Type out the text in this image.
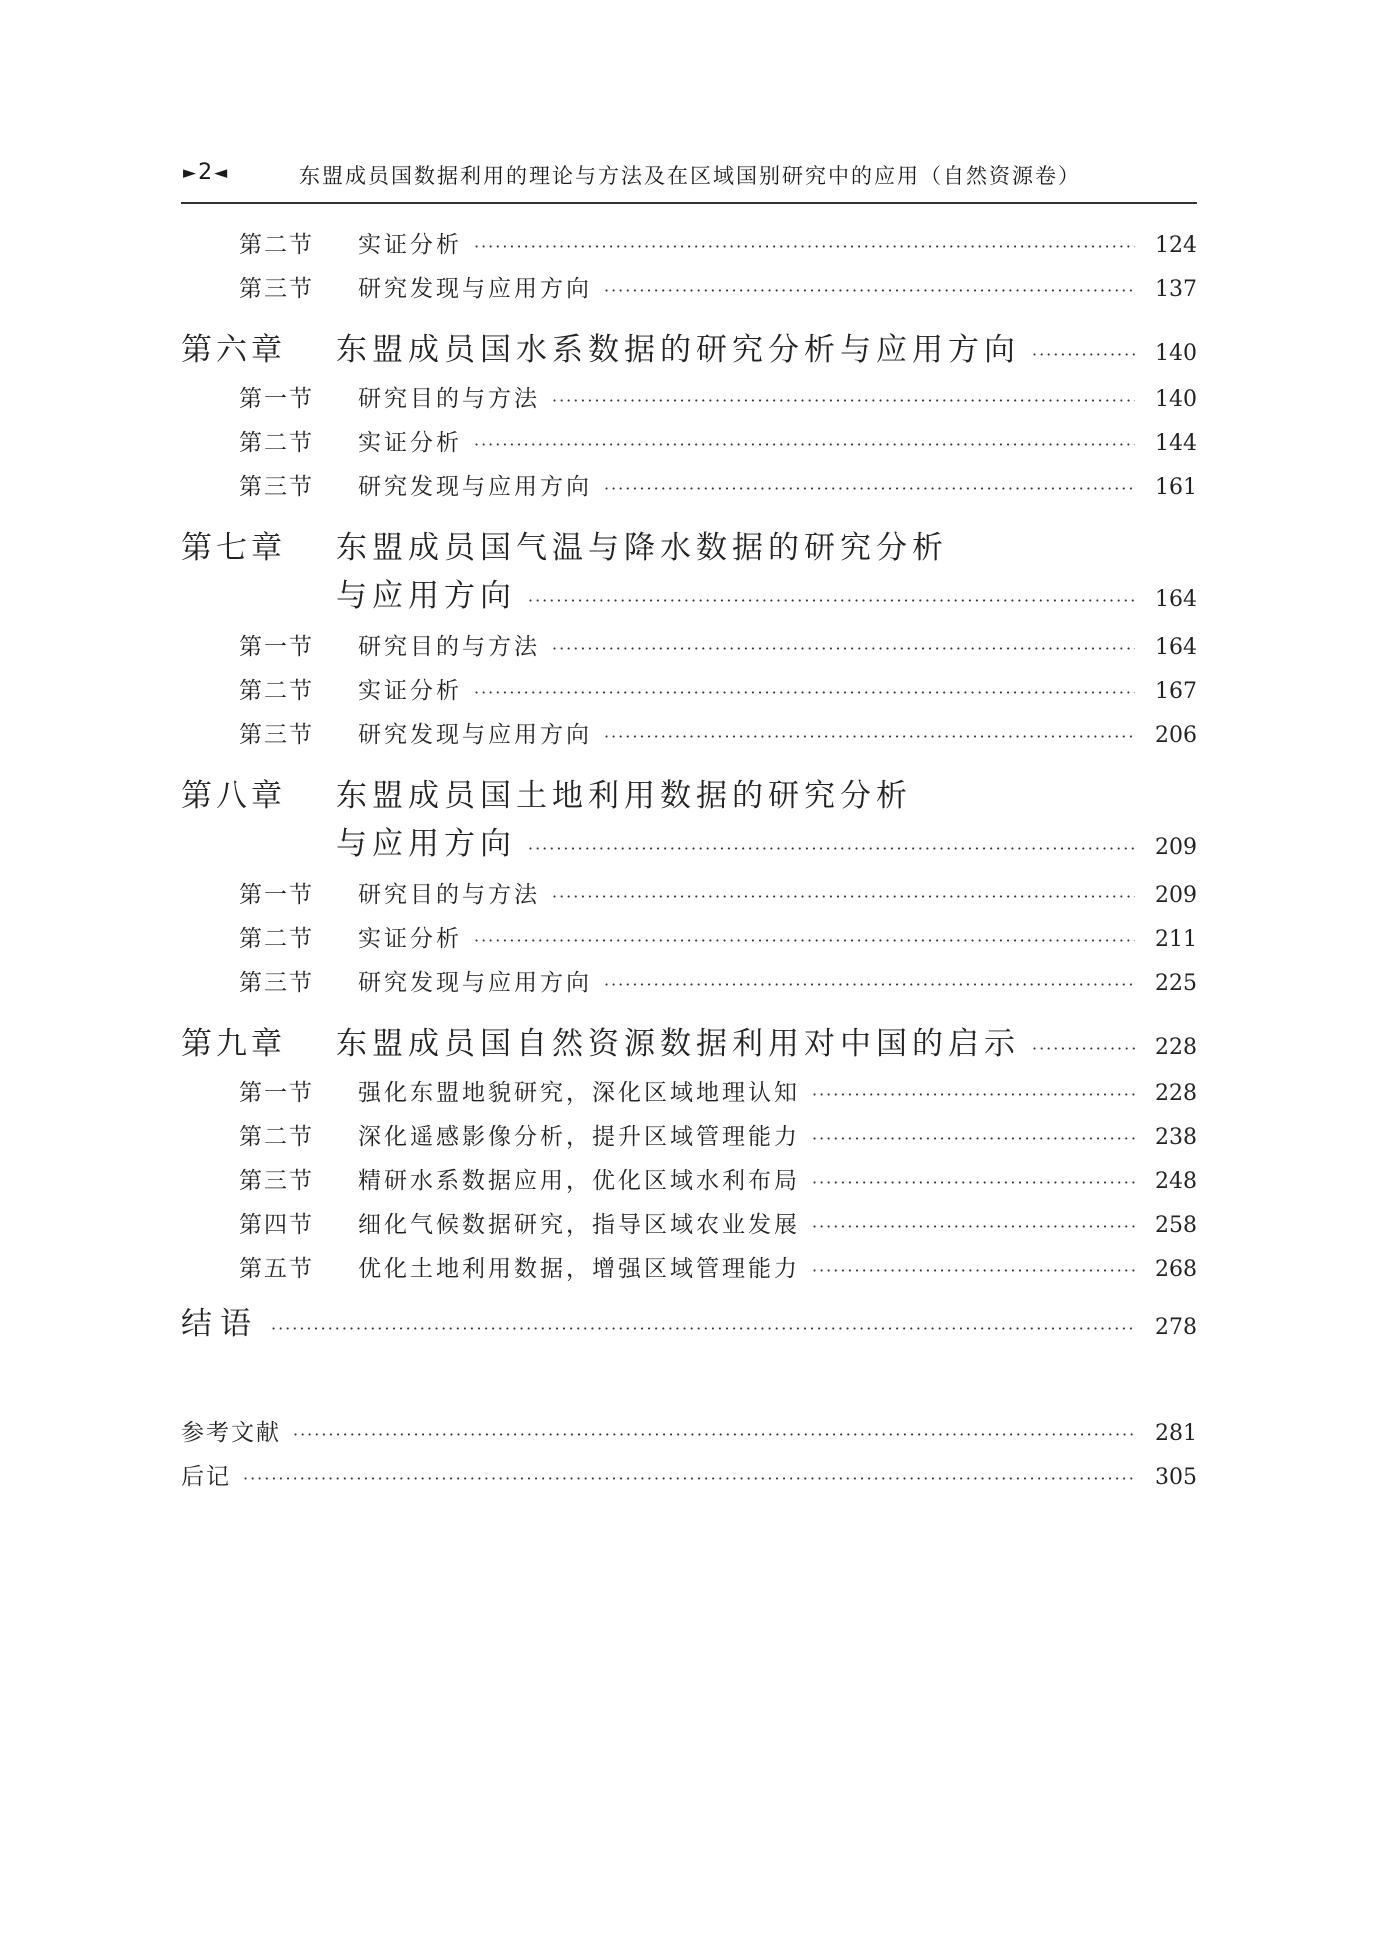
►2 ◄	东盟成员国数据利用的理论与方法及在区域国别研究中的应用（自然资源卷）
第二节	实证分析 ·····	124
第三节	研究发现与应用方向 ·····	137
第六章	东盟成员国水系数据的研究分析与应用方向 ·····	140
第一节	研究目的与方法 ·····	140
第二节	实证分析 ·····	144
第三节	研究发现与应用方向 ·····	161
第七章	东盟成员国气温与降水数据的研究分析
与应用方向 ·····	164
第一节	研究目的与方法 ·····	164
第二节	实证分析 ·····	167
第三节	研究发现与应用方向 ·····	206
第八章	东盟成员国土地利用数据的研究分析
与应用方向 ·····	209
第一节	研究目的与方法 ·····	209
第二节	实证分析 ·····	211
第三节	研究发现与应用方向 ·····	225
第九章	东盟成员国自然资源数据利用对中国的启示 ·····	228
第一节	强化东盟地貌研究，深化区域地理认知 ·····	228
第二节	深化遥感影像分析，提升区域管理能力 ·····	238
第三节	精研水系数据应用，优化区域水利布局 ·····	248
第四节	细化气候数据研究，指导区域农业发展 ·····	258
第五节	优化土地利用数据，增强区域管理能力 ·····	268
结语 ·····	278
参考文献 ·····	281
后记 ·····	305
